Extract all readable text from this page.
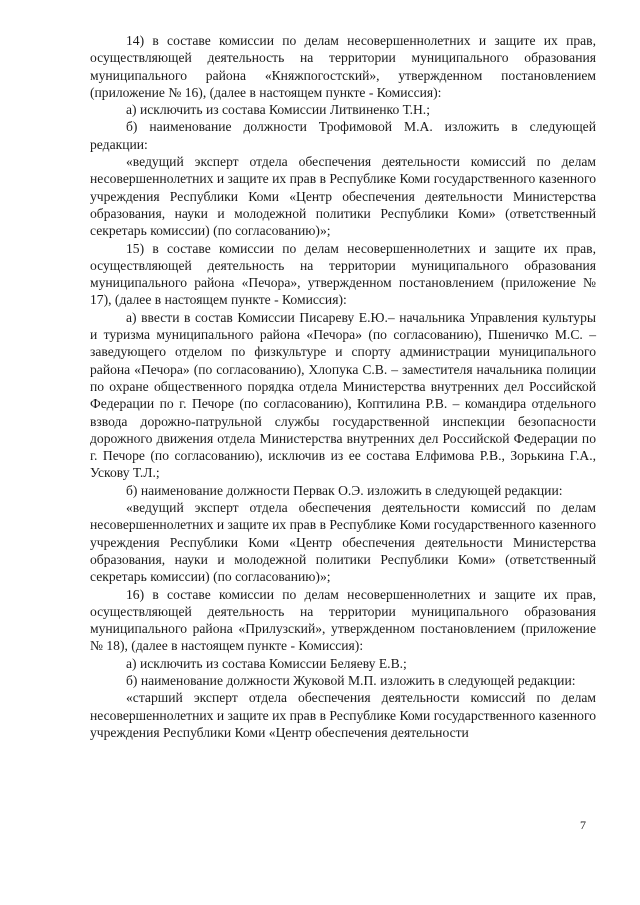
14) в составе комиссии по делам несовершеннолетних и защите их прав, осуществляющей деятельность на территории муниципального образования муниципального района «Княжпогостский», утвержденном постановлением (приложение № 16), (далее в настоящем пункте - Комиссия):

а) исключить из состава Комиссии Литвиненко Т.Н.;

б) наименование должности Трофимовой М.А. изложить в следующей редакции:

«ведущий эксперт отдела обеспечения деятельности комиссий по делам несовершеннолетних и защите их прав в Республике Коми государственного казенного учреждения Республики Коми «Центр обеспечения деятельности Министерства образования, науки и молодежной политики Республики Коми» (ответственный секретарь комиссии) (по согласованию)»;

15) в составе комиссии по делам несовершеннолетних и защите их прав, осуществляющей деятельность на территории муниципального образования муниципального района «Печора», утвержденном постановлением (приложение № 17), (далее в настоящем пункте - Комиссия):

а) ввести в состав Комиссии Писареву Е.Ю.– начальника Управления культуры и туризма муниципального района «Печора» (по согласованию), Пшеничко М.С. – заведующего отделом по физкультуре и спорту администрации муниципального района «Печора» (по согласованию), Хлопука С.В. – заместителя начальника полиции по охране общественного порядка отдела Министерства внутренних дел Российской Федерации по г. Печоре (по согласованию), Коптилина Р.В. – командира отдельного взвода дорожно-патрульной службы государственной инспекции безопасности дорожного движения отдела Министерства внутренних дел Российской Федерации по г. Печоре (по согласованию), исключив из ее состава Елфимова Р.В., Зорькина Г.А., Ускову Т.Л.;

б) наименование должности Первак О.Э. изложить в следующей редакции:

«ведущий эксперт отдела обеспечения деятельности комиссий по делам несовершеннолетних и защите их прав в Республике Коми государственного казенного учреждения Республики Коми «Центр обеспечения деятельности Министерства образования, науки и молодежной политики Республики Коми» (ответственный секретарь комиссии) (по согласованию)»;

16) в составе комиссии по делам несовершеннолетних и защите их прав, осуществляющей деятельность на территории муниципального образования муниципального района «Прилузский», утвержденном постановлением (приложение № 18), (далее в настоящем пункте - Комиссия):

а) исключить из состава Комиссии Беляеву Е.В.;

б) наименование должности Жуковой М.П. изложить в следующей редакции:

«старший эксперт отдела обеспечения деятельности комиссий по делам несовершеннолетних и защите их прав в Республике Коми государственного казенного учреждения Республики Коми «Центр обеспечения деятельности

7
